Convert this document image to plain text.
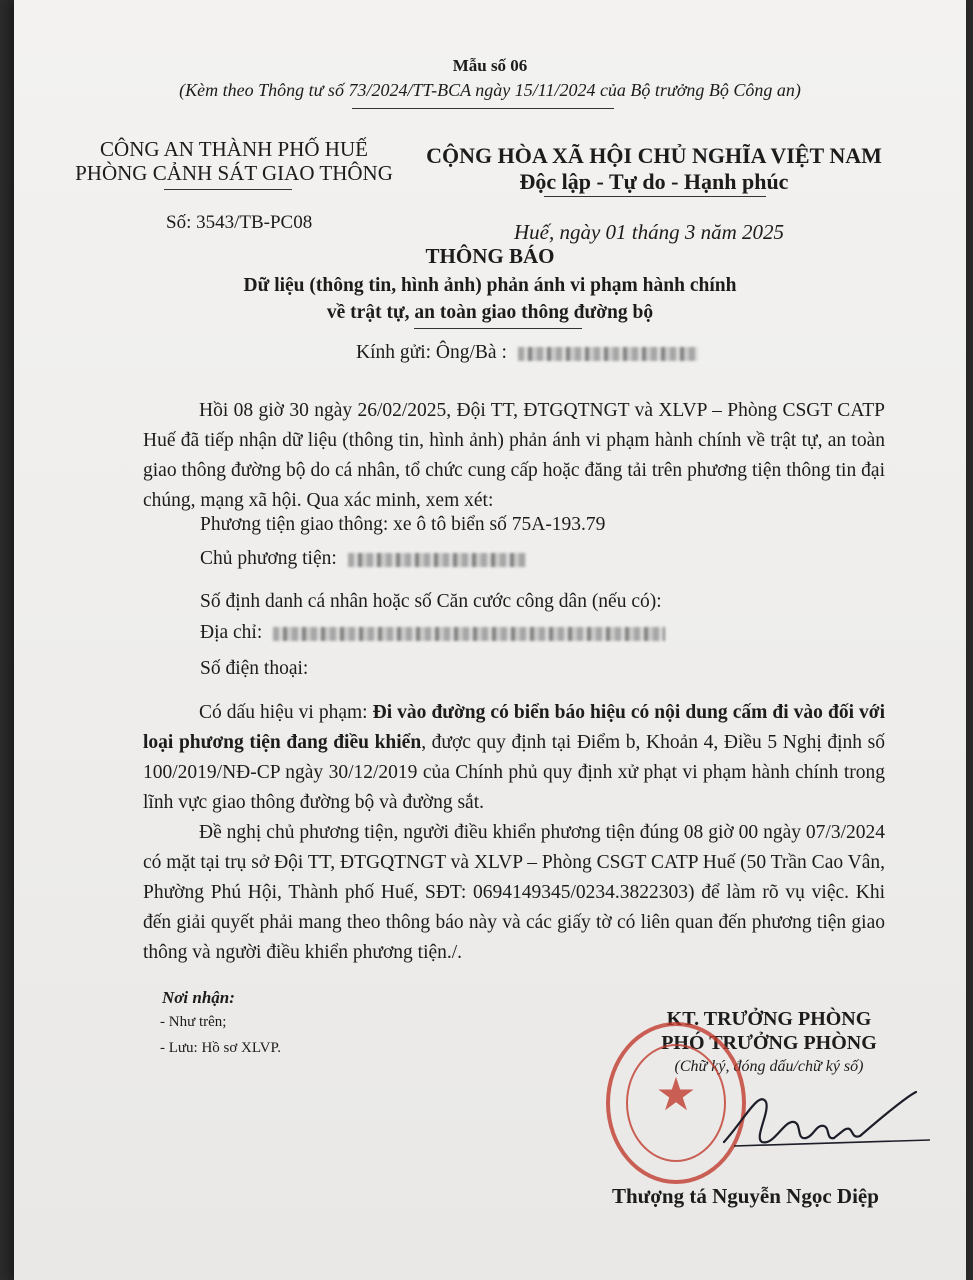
Mẫu số 06
(Kèm theo Thông tư số 73/2024/TT-BCA ngày 15/11/2024 của Bộ trưởng Bộ Công an)
CÔNG AN THÀNH PHỐ HUẾ
PHÒNG CẢNH SÁT GIAO THÔNG
Số: 3543/TB-PC08
CỘNG HÒA XÃ HỘI CHỦ NGHĨA VIỆT NAM
Độc lập - Tự do - Hạnh phúc
Huế, ngày 01 tháng 3 năm 2025
THÔNG BÁO
Dữ liệu (thông tin, hình ảnh) phản ánh vi phạm hành chính
về trật tự, an toàn giao thông đường bộ
Kính gửi: Ông/Bà :
Hồi 08 giờ 30 ngày 26/02/2025, Đội TT, ĐTGQTNGT và XLVP – Phòng CSGT CATP Huế đã tiếp nhận dữ liệu (thông tin, hình ảnh) phản ánh vi phạm hành chính về trật tự, an toàn giao thông đường bộ do cá nhân, tổ chức cung cấp hoặc đăng tải trên phương tiện thông tin đại chúng, mạng xã hội. Qua xác minh, xem xét:
Phương tiện giao thông: xe ô tô biển số 75A-193.79
Chủ phương tiện:
Số định danh cá nhân hoặc số Căn cước công dân (nếu có):
Địa chỉ:
Số điện thoại:
Có dấu hiệu vi phạm: Đi vào đường có biển báo hiệu có nội dung cấm đi vào đối với loại phương tiện đang điều khiển, được quy định tại Điểm b, Khoản 4, Điều 5 Nghị định số 100/2019/NĐ-CP ngày 30/12/2019 của Chính phủ quy định xử phạt vi phạm hành chính trong lĩnh vực giao thông đường bộ và đường sắt.
Đề nghị chủ phương tiện, người điều khiển phương tiện đúng 08 giờ 00 ngày 07/3/2024 có mặt tại trụ sở Đội TT, ĐTGQTNGT và XLVP – Phòng CSGT CATP Huế (50 Trần Cao Vân, Phường Phú Hội, Thành phố Huế, SĐT: 0694149345/0234.3822303) để làm rõ vụ việc. Khi đến giải quyết phải mang theo thông báo này và các giấy tờ có liên quan đến phương tiện giao thông và người điều khiển phương tiện./.
Nơi nhận:
- Như trên;
- Lưu: Hồ sơ XLVP.
KT. TRƯỞNG PHÒNG
PHÓ TRƯỞNG PHÒNG
(Chữ ký, đóng dấu/chữ ký số)
★
Thượng tá Nguyễn Ngọc Diệp
